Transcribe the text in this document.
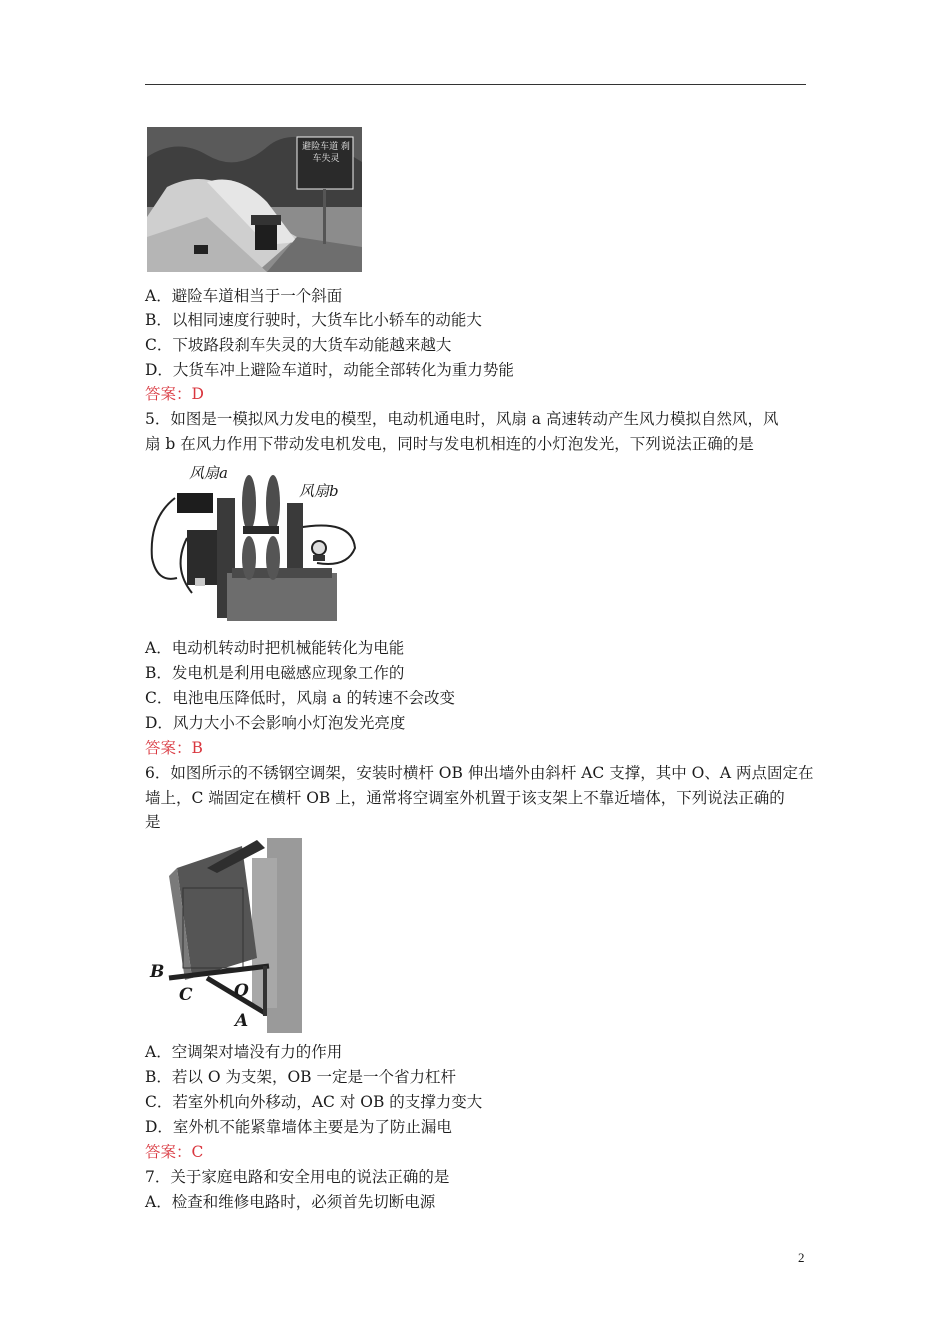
避险车道 刹车失灵
A．避险车道相当于一个斜面
B．以相同速度行驶时，大货车比小轿车的动能大
C．下坡路段刹车失灵的大货车动能越来越大
D．大货车冲上避险车道时，动能全部转化为重力势能
答案：D
5．如图是一模拟风力发电的模型，电动机通电时，风扇 a 高速转动产生风力模拟自然风，风
扇 b 在风力作用下带动发电机发电，同时与发电机相连的小灯泡发光，下列说法正确的是
风扇a
风扇b
A．电动机转动时把机械能转化为电能
B．发电机是利用电磁感应现象工作的
C．电池电压降低时，风扇 a 的转速不会改变
D．风力大小不会影响小灯泡发光亮度
答案：B
6．如图所示的不锈钢空调架，安装时横杆 OB 伸出墙外由斜杆 AC 支撑，其中 O、A 两点固定在
墙上，C 端固定在横杆 OB 上，通常将空调室外机置于该支架上不靠近墙体，下列说法正确的
是
B
C O
A
A．空调架对墙没有力的作用
B．若以 O 为支架，OB 一定是一个省力杠杆
C．若室外机向外移动，AC 对 OB 的支撑力变大
D．室外机不能紧靠墙体主要是为了防止漏电
答案：C
7．关于家庭电路和安全用电的说法正确的是
A．检查和维修电路时，必须首先切断电源
2
